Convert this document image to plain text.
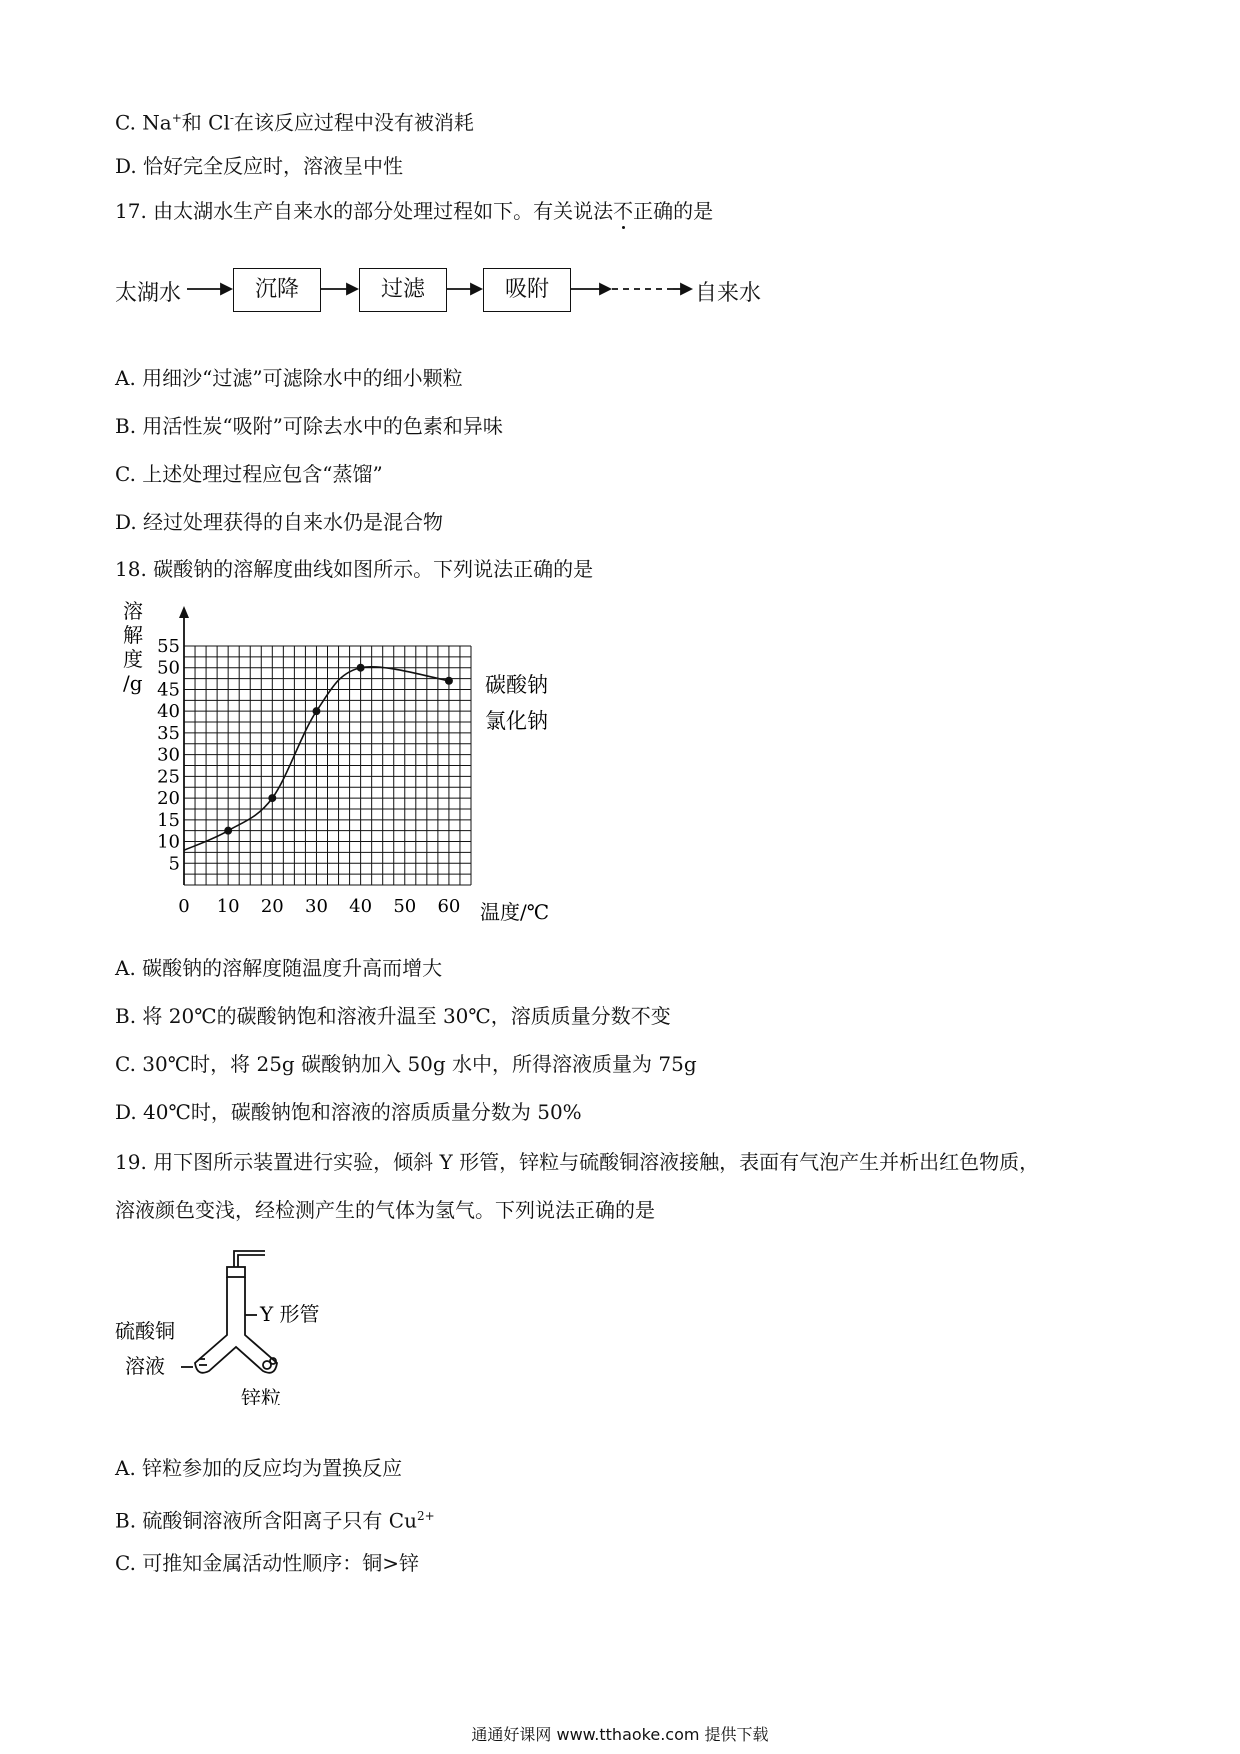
C. Na+和 Cl-在该反应过程中没有被消耗
D. 恰好完全反应时，溶液呈中性
17. 由太湖水生产自来水的部分处理过程如下。有关说法不正确的是
太湖水	沉降	过滤	吸附	自来水
A. 用细沙“过滤”可滤除水中的细小颗粒
B. 用活性炭“吸附”可除去水中的色素和异味
C. 上述处理过程应包含“蒸馏”
D. 经过处理获得的自来水仍是混合物
18. 碳酸钠的溶解度曲线如图所示。下列说法正确的是
溶解度/g
温度/℃
碳酸钠
氯化钠
5
10
15
20
25
30
35
40
45
50
55
0 10 20 30 40 50 60
A. 碳酸钠的溶解度随温度升高而增大
B. 将 20℃的碳酸钠饱和溶液升温至 30℃，溶质质量分数不变
C. 30℃时，将 25g 碳酸钠加入 50g 水中，所得溶液质量为 75g
D. 40℃时，碳酸钠饱和溶液的溶质质量分数为 50%
19. 用下图所示装置进行实验，倾斜 Y 形管，锌粒与硫酸铜溶液接触，表面有气泡产生并析出红色物质，
溶液颜色变浅，经检测产生的气体为氢气。下列说法正确的是
Y 形管
硫酸铜
溶液
锌粒
A. 锌粒参加的反应均为置换反应
B. 硫酸铜溶液所含阳离子只有 $Cu^{2+}$
C. 可推知金属活动性顺序：铜>锌
通通好课网 www.tthaoke.com 提供下载
